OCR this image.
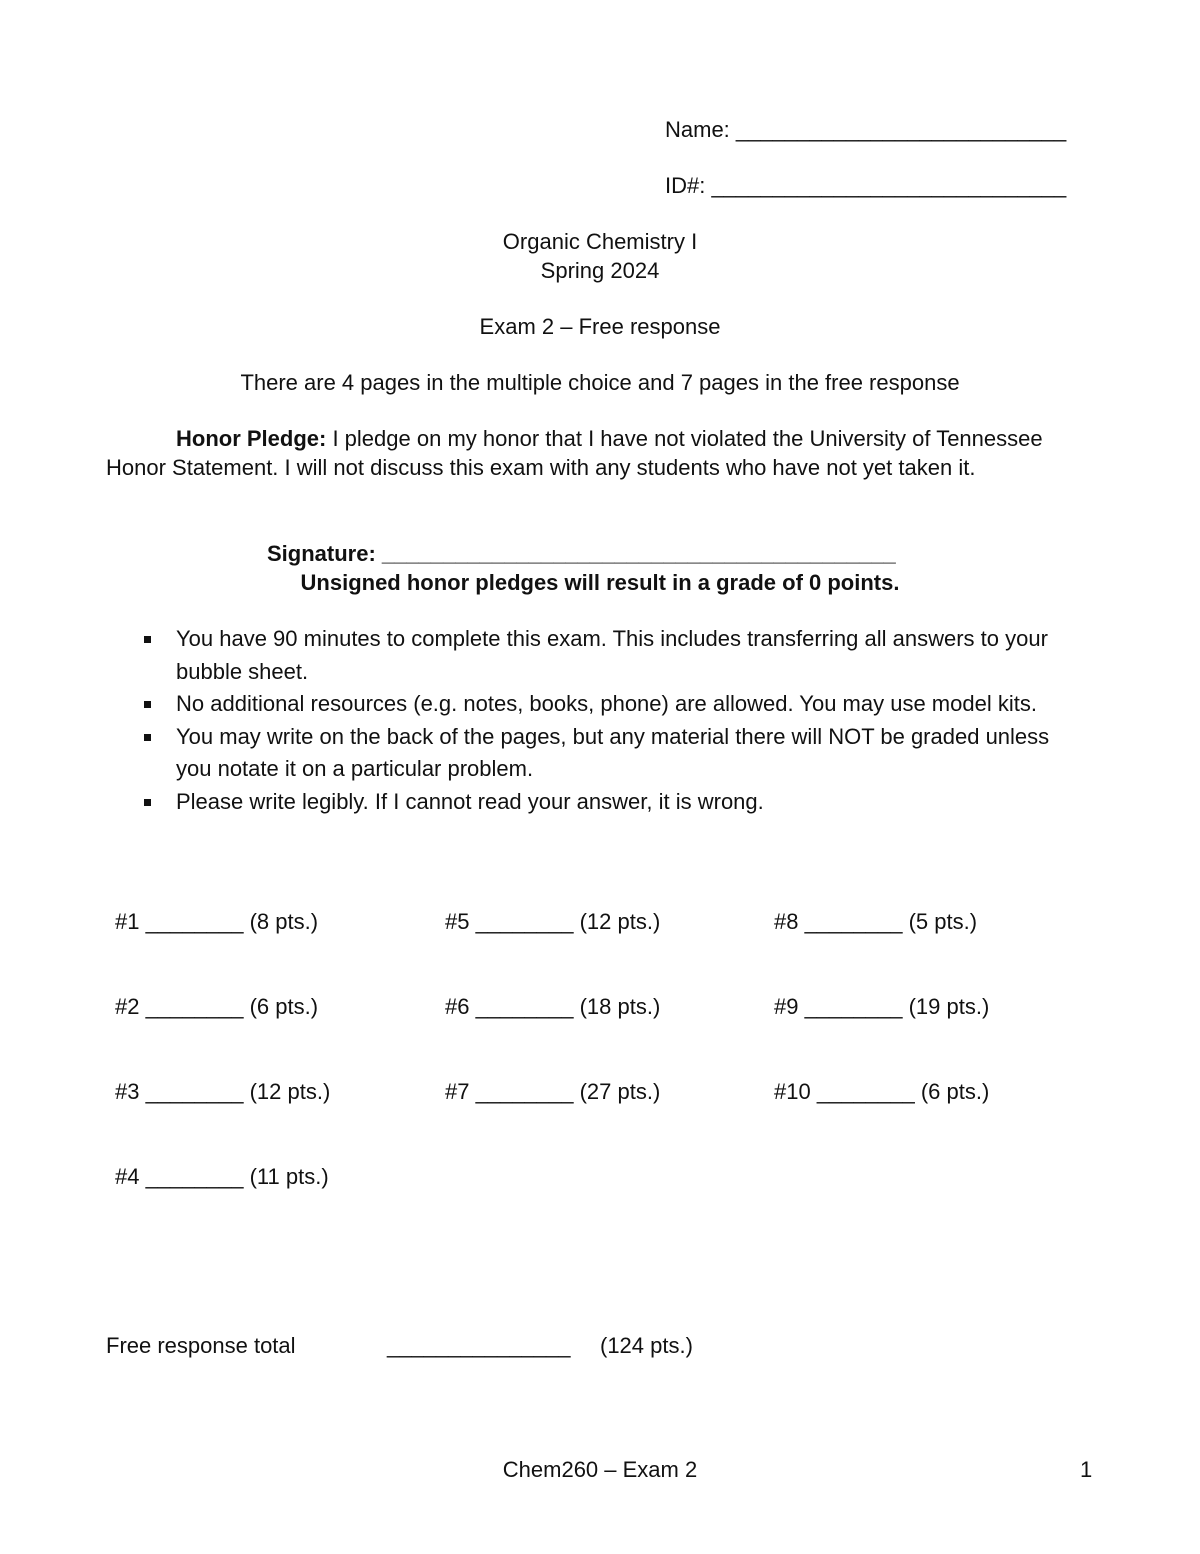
Name: ___________________________
ID#: _____________________________
Organic Chemistry I
Spring 2024
Exam 2 – Free response
There are 4 pages in the multiple choice and 7 pages in the free response
Honor Pledge: I pledge on my honor that I have not violated the University of Tennessee Honor Statement. I will not discuss this exam with any students who have not yet taken it.
Signature: __________________________________________
Unsigned honor pledges will result in a grade of 0 points.
You have 90 minutes to complete this exam. This includes transferring all answers to your bubble sheet.
No additional resources (e.g. notes, books, phone) are allowed. You may use model kits.
You may write on the back of the pages, but any material there will NOT be graded unless you notate it on a particular problem.
Please write legibly. If I cannot read your answer, it is wrong.
#1 ________ (8 pts.)
#2 ________ (6 pts.)
#3 ________ (12 pts.)
#4 ________ (11 pts.)
#5 ________ (12 pts.)
#6 ________ (18 pts.)
#7 ________ (27 pts.)
#8 ________ (5 pts.)
#9 ________ (19 pts.)
#10 ________ (6 pts.)
Free response total	_______________ (124 pts.)
Chem260 – Exam 2	1
